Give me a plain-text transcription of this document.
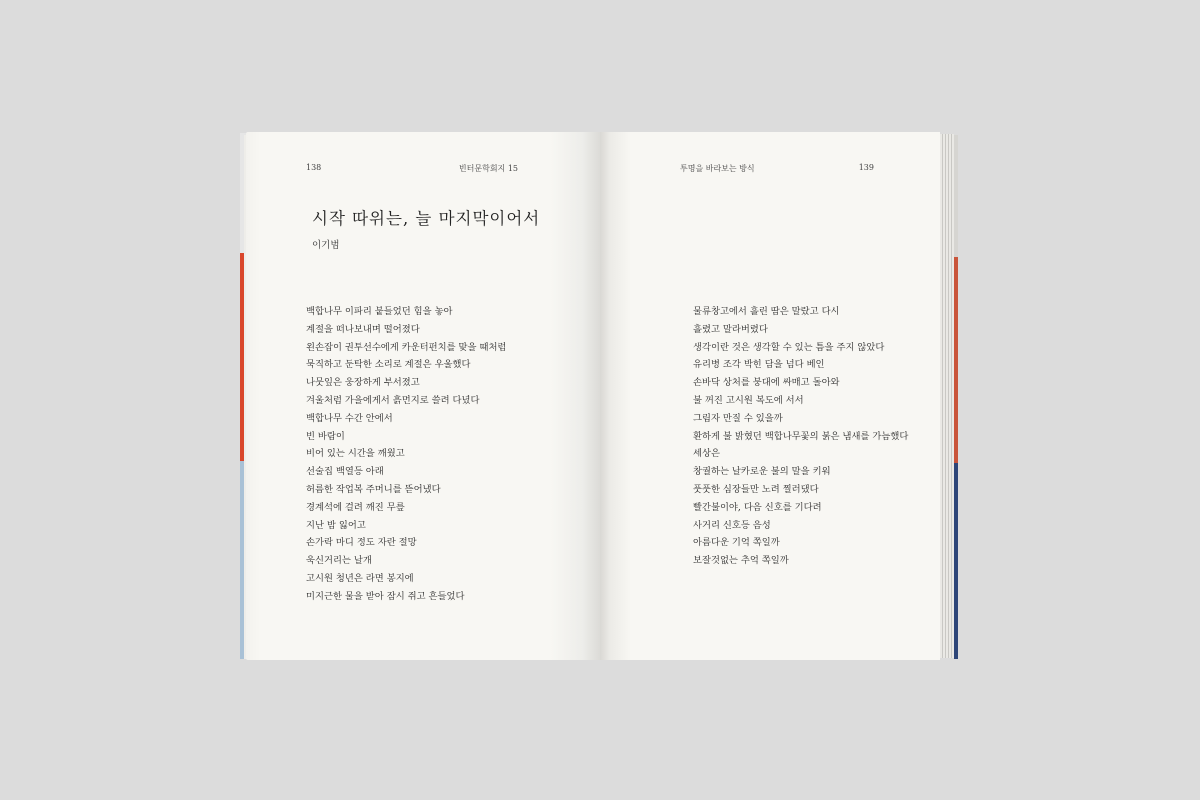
138	빈터문학회지 15
시작 따위는, 늘 마지막이어서
이기범
백합나무 이파리 붙들었던 힘을 놓아
계절을 떠나보내며 떨어졌다
왼손잡이 권투선수에게 카운터펀치를 맞을 때처럼
묵직하고 둔탁한 소리로 계절은 우울했다
나뭇잎은 웅장하게 부서졌고
겨울처럼 가을에게서 흙먼지로 쓸려 다녔다
백합나무 수간 안에서
빈 바람이
비어 있는 시간을 깨웠고
선술집 백열등 아래
허름한 작업복 주머니를 뜯어냈다
경계석에 걸려 깨진 무릎
지난 밤 잃어고
손가락 마디 정도 자란 절망
욱신거리는 날개
고시원 청년은 라면 봉지에
미지근한 물을 받아 잠시 쥐고 흔들었다
투명을 바라보는 방식	139
물류창고에서 흘린 땀은 말랐고 다시
흘렸고 말라버렸다
생각이란 것은 생각할 수 있는 틈을 주지 않았다
유리병 조각 박힌 담을 넘다 베인
손바닥 상처를 붕대에 싸매고 돌아와
불 꺼진 고시원 복도에 서서
그림자 만질 수 있을까
환하게 불 밝혔던 백합나무꽃의 붉은 냄새를 가늠했다
세상은
창궐하는 날카로운 불의 말을 키워
풋풋한 심장들만 노려 찔러댔다
빨간불이야, 다음 신호를 기다려
사거리 신호등 음성
아름다운 기억 쪽일까
보잘것없는 추억 쪽일까
